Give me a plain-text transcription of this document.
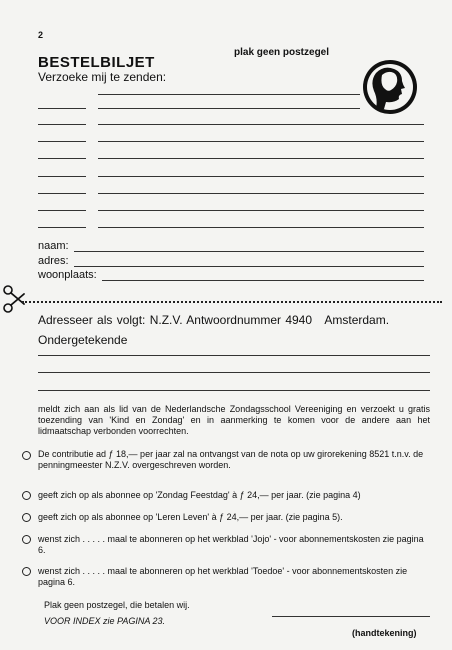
2
BESTELBILJET
plak geen postzegel
Verzoeke mij te zenden:
naam:
adres:
woonplaats:
Adresseer als volgt: N.Z.V. Antwoordnummer 4940   Amsterdam.
Ondergetekende
meldt zich aan als lid van de Nederlandsche Zondagsschool Vereeniging en verzoekt u gratis toezending van 'Kind en Zondag' en in aanmerking te komen voor de andere aan het lidmaatschap verbonden voorrechten.
De contributie ad ƒ 18,— per jaar zal na ontvangst van de nota op uw girorekening 8521 t.n.v. de penningmeester N.Z.V. overgeschreven worden.
geeft zich op als abonnee op 'Zondag Feestdag' à ƒ 24,— per jaar. (zie pagina 4)
geeft zich op als abonnee op 'Leren Leven' à ƒ 24,— per jaar. (zie pagina 5).
wenst zich . . . . . maal te abonneren op het werkblad 'Jojo' - voor abonnementskosten zie pagina 6.
wenst zich . . . . . maal te abonneren op het werkblad 'Toedoe' - voor abonnementskosten zie pagina 6.
Plak geen postzegel, die betalen wij.
VOOR INDEX zie PAGINA 23.
(handtekening)
